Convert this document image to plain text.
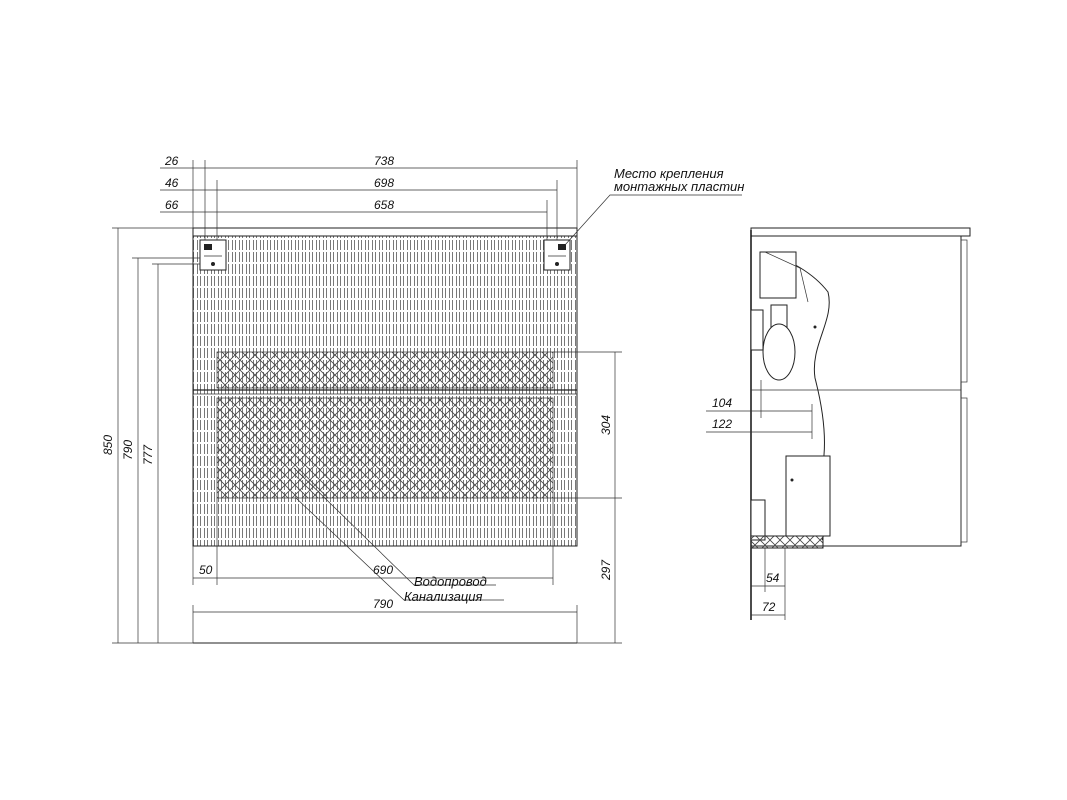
738
698
658
26
46
66
Место крепления
монтажных пластин
850 790 777
304
297
50	690
790
Водопровод
Канализация
104
122
54
72
